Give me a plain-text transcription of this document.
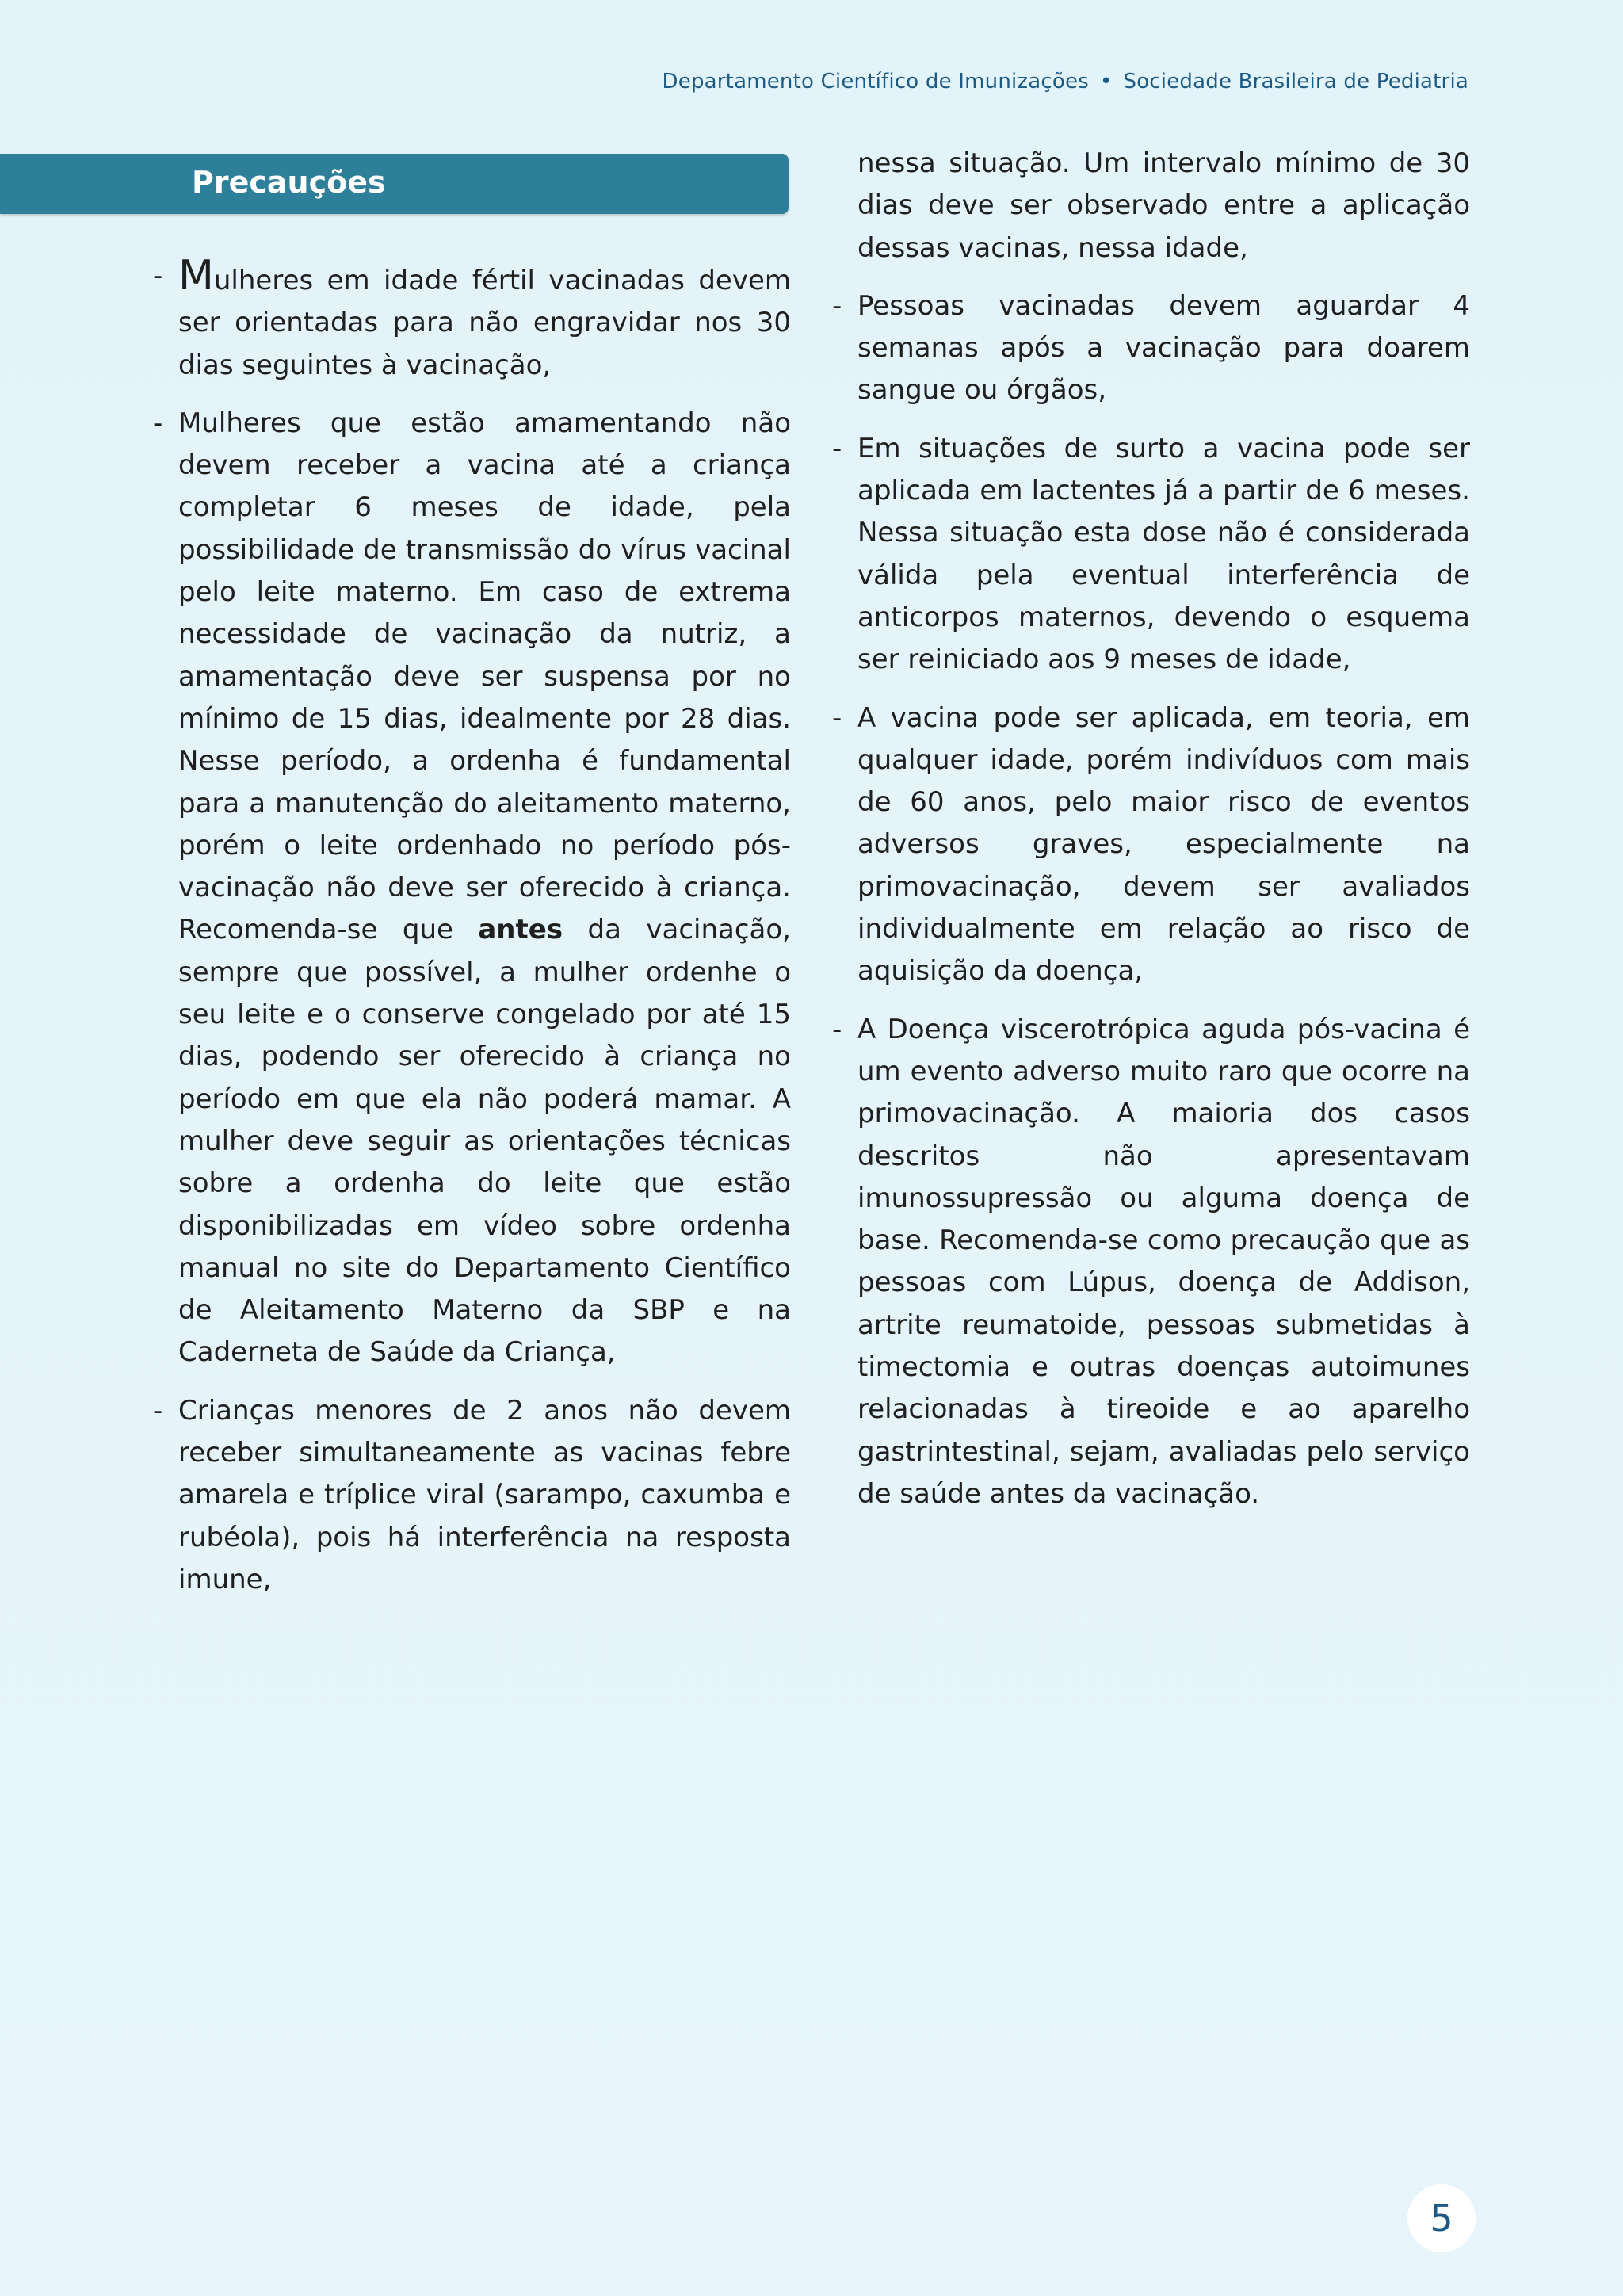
Departamento Científico de Imunizações • Sociedade Brasileira de Pediatria
Precauções
- Mulheres em idade fértil vacinadas devem ser orientadas para não engravidar nos 30 dias seguintes à vacinação,
- Mulheres que estão amamentando não devem receber a vacina até a criança completar 6 meses de idade, pela possibilidade de transmissão do vírus vacinal pelo leite materno. Em caso de extrema necessidade de vacinação da nutriz, a amamentação deve ser suspensa por no mínimo de 15 dias, idealmente por 28 dias. Nesse período, a ordenha é fundamental para a manutenção do aleitamento materno, porém o leite ordenhado no período pós-vacinação não deve ser oferecido à criança. Recomenda-se que antes da vacinação, sempre que possível, a mulher ordenhe o seu leite e o conserve congelado por até 15 dias, podendo ser oferecido à criança no período em que ela não poderá mamar. A mulher deve seguir as orientações técnicas sobre a ordenha do leite que estão disponibilizadas em vídeo sobre ordenha manual no site do Departamento Científico de Aleitamento Materno da SBP e na Caderneta de Saúde da Criança,
- Crianças menores de 2 anos não devem receber simultaneamente as vacinas febre amarela e tríplice viral (sarampo, caxumba e rubéola), pois há interferência na resposta imune,
nessa situação. Um intervalo mínimo de 30 dias deve ser observado entre a aplicação dessas vacinas, nessa idade,
- Pessoas vacinadas devem aguardar 4 semanas após a vacinação para doarem sangue ou órgãos,
- Em situações de surto a vacina pode ser aplicada em lactentes já a partir de 6 meses. Nessa situação esta dose não é considerada válida pela eventual interferência de anticorpos maternos, devendo o esquema ser reiniciado aos 9 meses de idade,
- A vacina pode ser aplicada, em teoria, em qualquer idade, porém indivíduos com mais de 60 anos, pelo maior risco de eventos adversos graves, especialmente na primovacinação, devem ser avaliados individualmente em relação ao risco de aquisição da doença,
- A Doença viscerotrópica aguda pós-vacina é um evento adverso muito raro que ocorre na primovacinação. A maioria dos casos descritos não apresentavam imunossupressão ou alguma doença de base. Recomenda-se como precaução que as pessoas com Lúpus, doença de Addison, artrite reumatoide, pessoas submetidas à timectomia e outras doenças autoimunes relacionadas à tireoide e ao aparelho gastrintestinal, sejam, avaliadas pelo serviço de saúde antes da vacinação.
5
